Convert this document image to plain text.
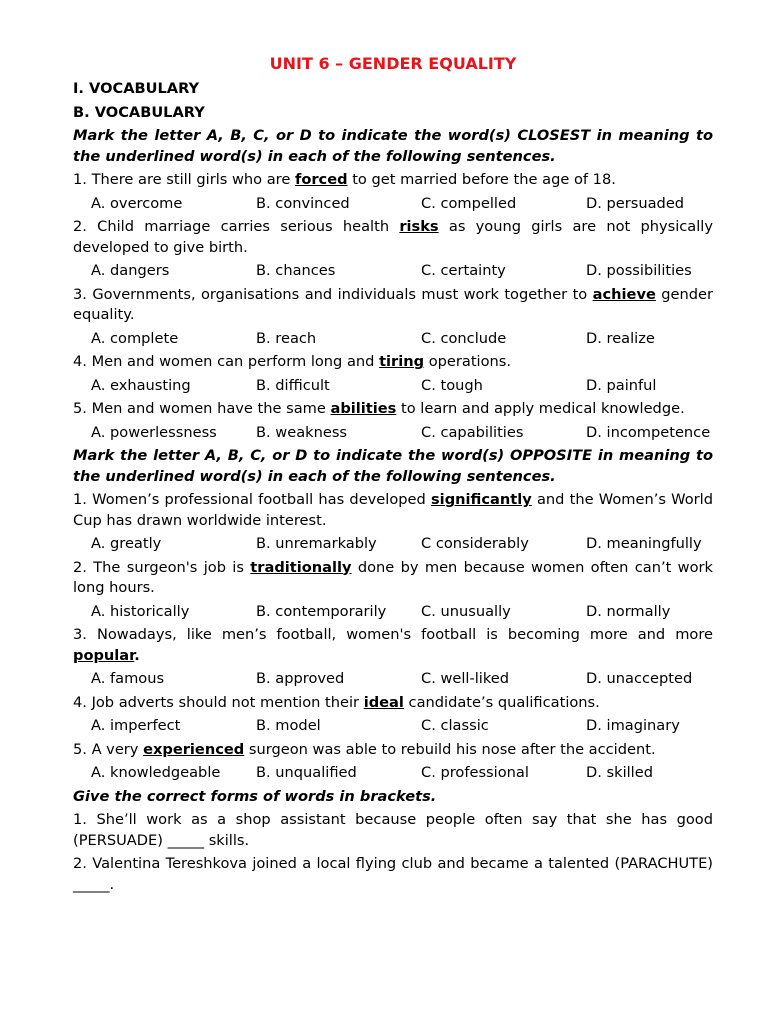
UNIT 6 – GENDER EQUALITY
I. VOCABULARY
B. VOCABULARY
Mark the letter A, B, C, or D to indicate the word(s) CLOSEST in meaning to the underlined word(s) in each of the following sentences.
1. There are still girls who are forced to get married before the age of 18.
A. overcome	B. convinced	C. compelled	D. persuaded
2. Child marriage carries serious health risks as young girls are not physically developed to give birth.
A. dangers	B. chances	C. certainty	D. possibilities
3. Governments, organisations and individuals must work together to achieve gender equality.
A. complete	B. reach	C. conclude	D. realize
4. Men and women can perform long and tiring operations.
A. exhausting	B. difficult	C. tough	D. painful
5. Men and women have the same abilities to learn and apply medical knowledge.
A. powerlessness	B. weakness	C. capabilities	D. incompetence
Mark the letter A, B, C, or D to indicate the word(s) OPPOSITE in meaning to the underlined word(s) in each of the following sentences.
1. Women’s professional football has developed significantly and the Women’s World Cup has drawn worldwide interest.
A. greatly	B. unremarkably	C considerably	D. meaningfully
2. The surgeon's job is traditionally done by men because women often can’t work long hours.
A. historically	B. contemporarily	C. unusually	D. normally
3. Nowadays, like men’s football, women's football is becoming more and more popular.
A. famous	B. approved	C. well-liked	D. unaccepted
4. Job adverts should not mention their ideal candidate’s qualifications.
A. imperfect	B. model	C. classic	D. imaginary
5. A very experienced surgeon was able to rebuild his nose after the accident.
A. knowledgeable	B. unqualified	C. professional	D. skilled
Give the correct forms of words in brackets.
1. She’ll work as a shop assistant because people often say that she has good (PERSUADE) _____ skills.
2. Valentina Tereshkova joined a local flying club and became a talented (PARACHUTE) _____.
